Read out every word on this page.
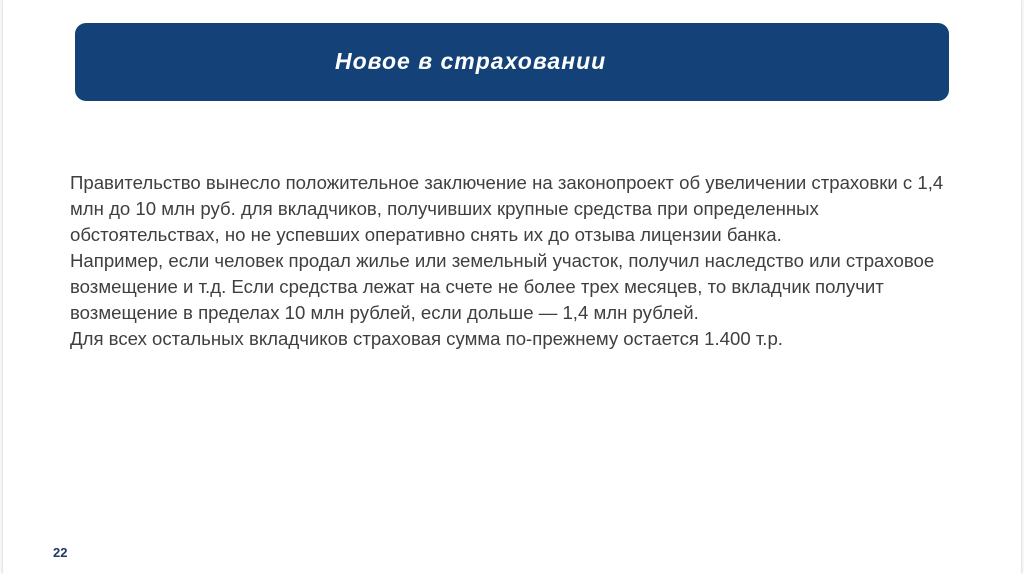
Новое в страховании

Правительство вынесло положительное заключение на законопроект об увеличении страховки с 1,4 млн до 10 млн руб. для вкладчиков, получивших крупные средства при определенных обстоятельствах, но не успевших оперативно снять их до отзыва лицензии банка.

Например, если человек продал жилье или земельный участок, получил наследство или страховое возмещение и т.д. Если средства лежат на счете не более трех месяцев, то вкладчик получит возмещение в пределах 10 млн рублей, если дольше — 1,4 млн рублей.

Для всех остальных вкладчиков страховая сумма по-прежнему остается 1.400 т.р.

22
